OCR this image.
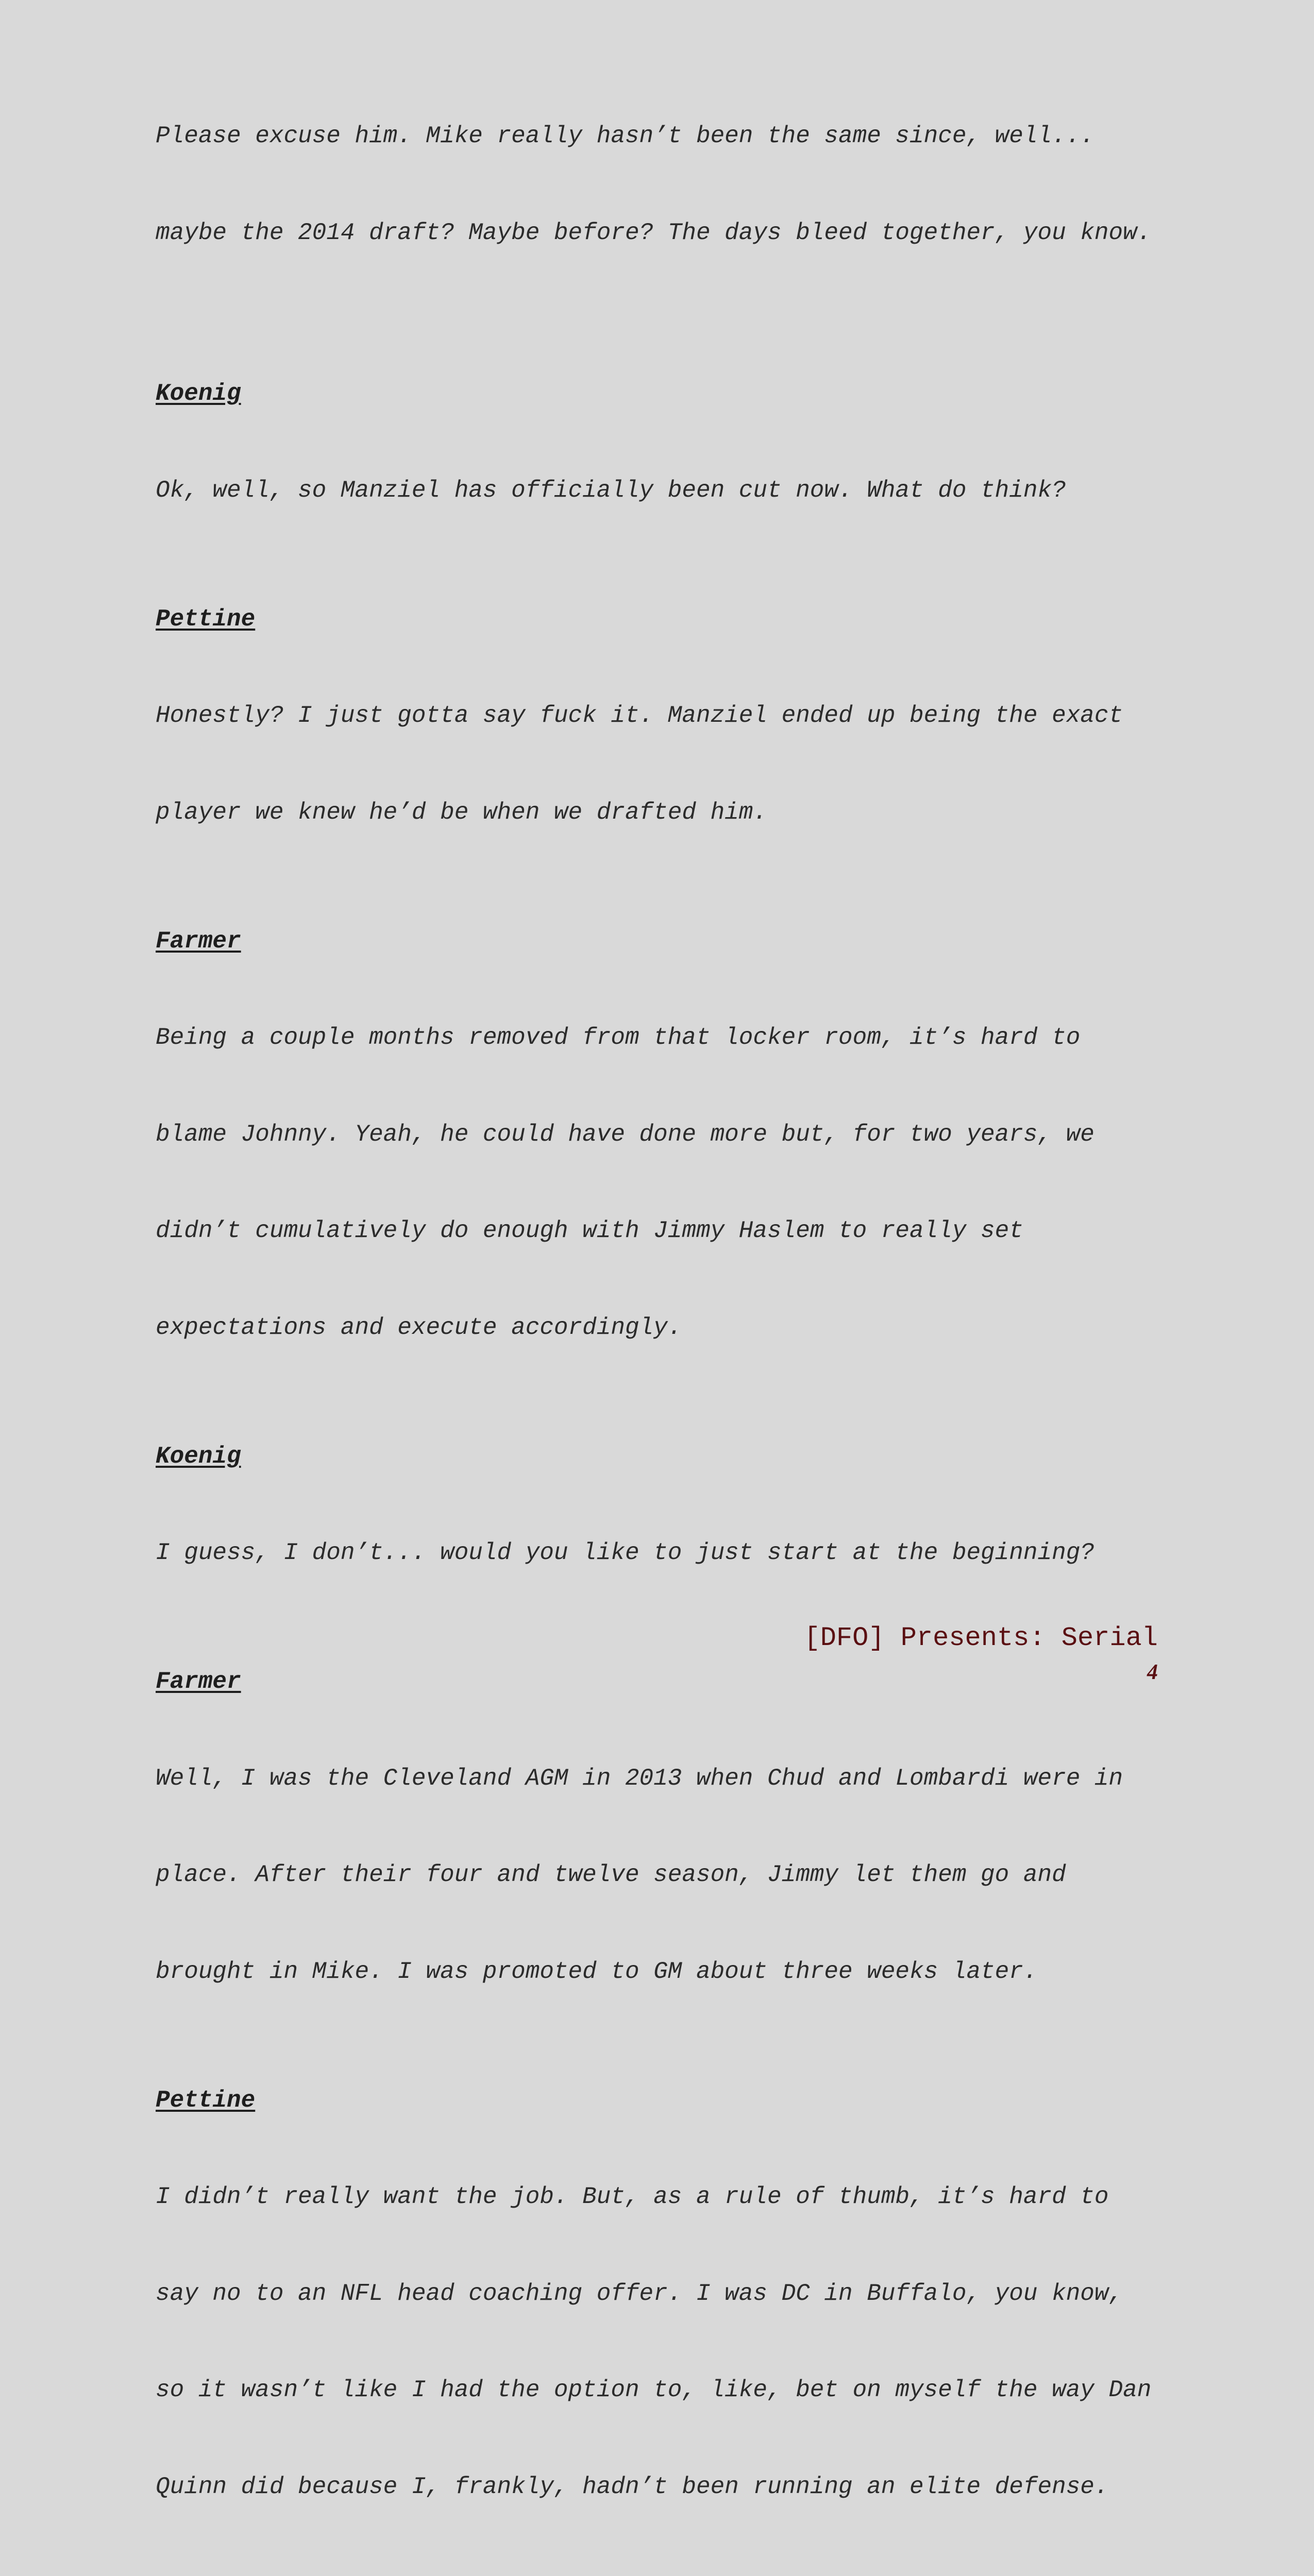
Please excuse him. Mike really hasn’t been the same since, well...

maybe the 2014 draft? Maybe before? The days bleed together, you know.

Koenig

Ok, well, so Manziel has officially been cut now. What do think?

Pettine

Honestly? I just gotta say fuck it. Manziel ended up being the exact

player we knew he’d be when we drafted him.

Farmer

Being a couple months removed from that locker room, it’s hard to

blame Johnny. Yeah, he could have done more but, for two years, we

didn’t cumulatively do enough with Jimmy Haslem to really set

expectations and execute accordingly.

Koenig

I guess, I don’t... would you like to just start at the beginning?

Farmer

Well, I was the Cleveland AGM in 2013 when Chud and Lombardi were in

place. After their four and twelve season, Jimmy let them go and

brought in Mike. I was promoted to GM about three weeks later.

Pettine

I didn’t really want the job. But, as a rule of thumb, it’s hard to

say no to an NFL head coaching offer. I was DC in Buffalo, you know,

so it wasn’t like I had the option to, like, bet on myself the way Dan

Quinn did because I, frankly, hadn’t been running an elite defense.

[DFO] Presents: Serial
4
